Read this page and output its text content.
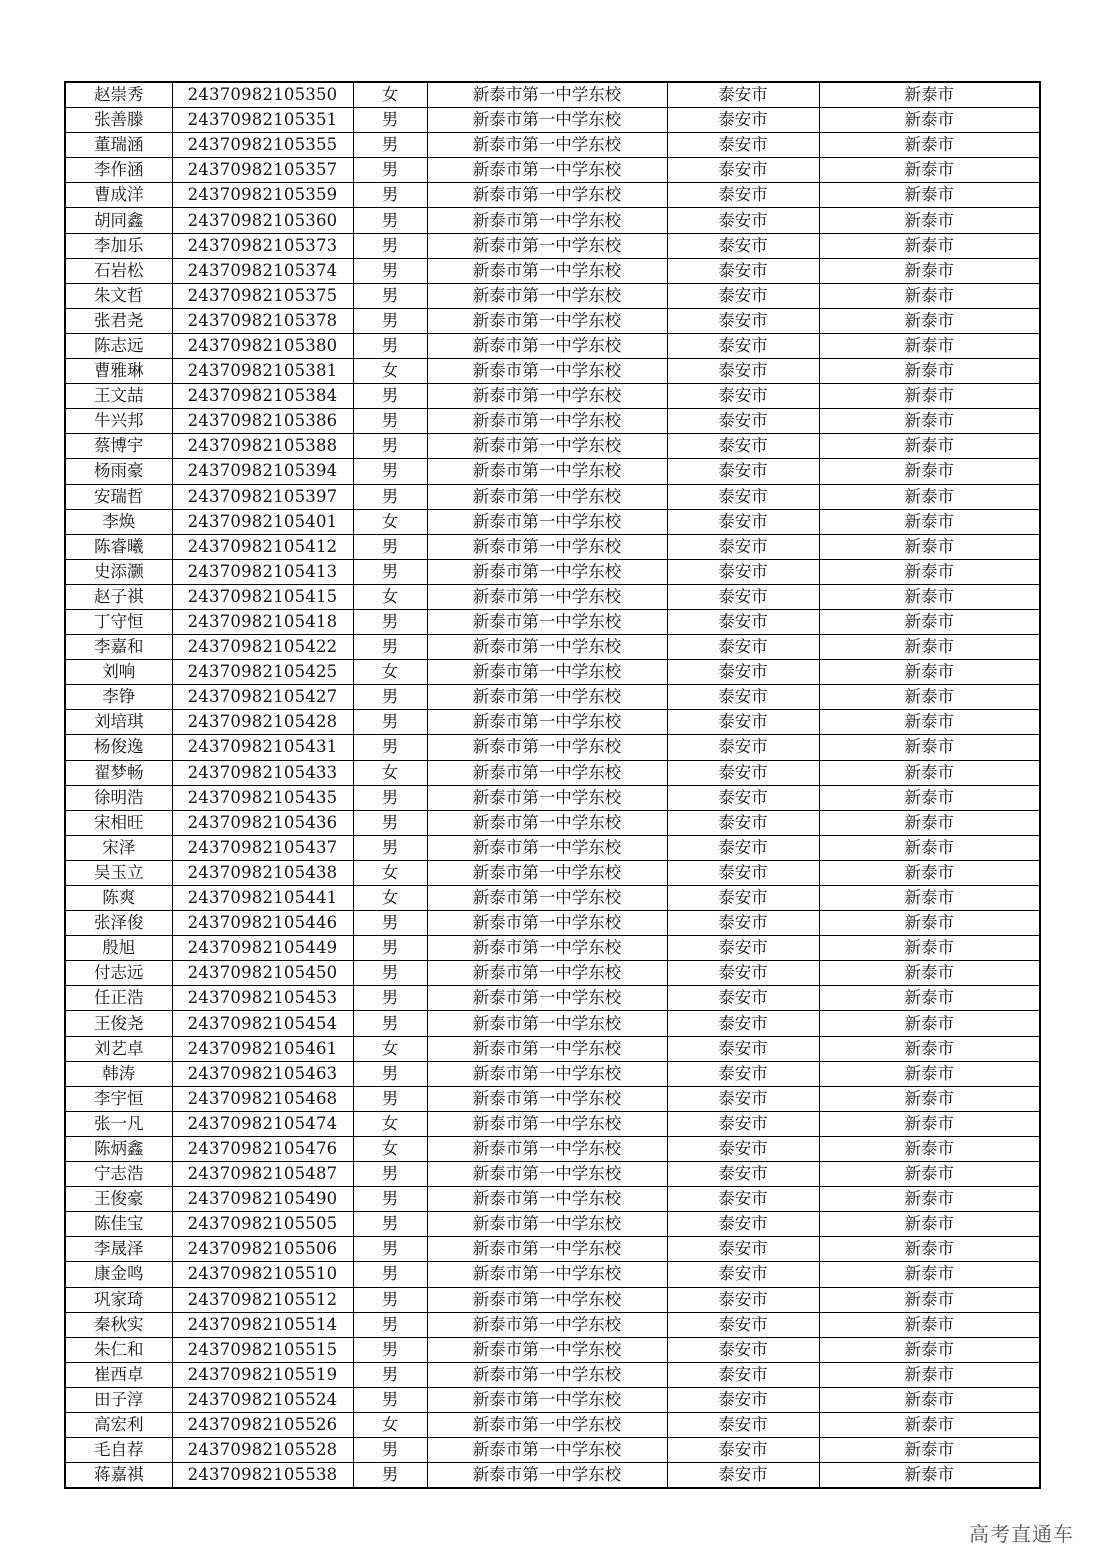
赵崇秀	24370982105350	女	新泰市第一中学东校	泰安市	新泰市
张善滕	24370982105351	男	新泰市第一中学东校	泰安市	新泰市
董瑞涵	24370982105355	男	新泰市第一中学东校	泰安市	新泰市
李作涵	24370982105357	男	新泰市第一中学东校	泰安市	新泰市
曹成洋	24370982105359	男	新泰市第一中学东校	泰安市	新泰市
胡同鑫	24370982105360	男	新泰市第一中学东校	泰安市	新泰市
李加乐	24370982105373	男	新泰市第一中学东校	泰安市	新泰市
石岩松	24370982105374	男	新泰市第一中学东校	泰安市	新泰市
朱文哲	24370982105375	男	新泰市第一中学东校	泰安市	新泰市
张君尧	24370982105378	男	新泰市第一中学东校	泰安市	新泰市
陈志远	24370982105380	男	新泰市第一中学东校	泰安市	新泰市
曹雅琳	24370982105381	女	新泰市第一中学东校	泰安市	新泰市
王文喆	24370982105384	男	新泰市第一中学东校	泰安市	新泰市
牛兴邦	24370982105386	男	新泰市第一中学东校	泰安市	新泰市
蔡博宇	24370982105388	男	新泰市第一中学东校	泰安市	新泰市
杨雨豪	24370982105394	男	新泰市第一中学东校	泰安市	新泰市
安瑞哲	24370982105397	男	新泰市第一中学东校	泰安市	新泰市
李焕	24370982105401	女	新泰市第一中学东校	泰安市	新泰市
陈睿曦	24370982105412	男	新泰市第一中学东校	泰安市	新泰市
史添灏	24370982105413	男	新泰市第一中学东校	泰安市	新泰市
赵子祺	24370982105415	女	新泰市第一中学东校	泰安市	新泰市
丁守恒	24370982105418	男	新泰市第一中学东校	泰安市	新泰市
李嘉和	24370982105422	男	新泰市第一中学东校	泰安市	新泰市
刘响	24370982105425	女	新泰市第一中学东校	泰安市	新泰市
李铮	24370982105427	男	新泰市第一中学东校	泰安市	新泰市
刘培琪	24370982105428	男	新泰市第一中学东校	泰安市	新泰市
杨俊逸	24370982105431	男	新泰市第一中学东校	泰安市	新泰市
翟梦畅	24370982105433	女	新泰市第一中学东校	泰安市	新泰市
徐明浩	24370982105435	男	新泰市第一中学东校	泰安市	新泰市
宋相旺	24370982105436	男	新泰市第一中学东校	泰安市	新泰市
宋泽	24370982105437	男	新泰市第一中学东校	泰安市	新泰市
吴玉立	24370982105438	女	新泰市第一中学东校	泰安市	新泰市
陈爽	24370982105441	女	新泰市第一中学东校	泰安市	新泰市
张泽俊	24370982105446	男	新泰市第一中学东校	泰安市	新泰市
殷旭	24370982105449	男	新泰市第一中学东校	泰安市	新泰市
付志远	24370982105450	男	新泰市第一中学东校	泰安市	新泰市
任正浩	24370982105453	男	新泰市第一中学东校	泰安市	新泰市
王俊尧	24370982105454	男	新泰市第一中学东校	泰安市	新泰市
刘艺卓	24370982105461	女	新泰市第一中学东校	泰安市	新泰市
韩涛	24370982105463	男	新泰市第一中学东校	泰安市	新泰市
李宇恒	24370982105468	男	新泰市第一中学东校	泰安市	新泰市
张一凡	24370982105474	女	新泰市第一中学东校	泰安市	新泰市
陈炳鑫	24370982105476	女	新泰市第一中学东校	泰安市	新泰市
宁志浩	24370982105487	男	新泰市第一中学东校	泰安市	新泰市
王俊豪	24370982105490	男	新泰市第一中学东校	泰安市	新泰市
陈佳宝	24370982105505	男	新泰市第一中学东校	泰安市	新泰市
李晟泽	24370982105506	男	新泰市第一中学东校	泰安市	新泰市
康金鸣	24370982105510	男	新泰市第一中学东校	泰安市	新泰市
巩家琦	24370982105512	男	新泰市第一中学东校	泰安市	新泰市
秦秋实	24370982105514	男	新泰市第一中学东校	泰安市	新泰市
朱仁和	24370982105515	男	新泰市第一中学东校	泰安市	新泰市
崔西卓	24370982105519	男	新泰市第一中学东校	泰安市	新泰市
田子淳	24370982105524	男	新泰市第一中学东校	泰安市	新泰市
高宏利	24370982105526	女	新泰市第一中学东校	泰安市	新泰市
毛自荐	24370982105528	男	新泰市第一中学东校	泰安市	新泰市
蒋嘉祺	24370982105538	男	新泰市第一中学东校	泰安市	新泰市
高考直通车
